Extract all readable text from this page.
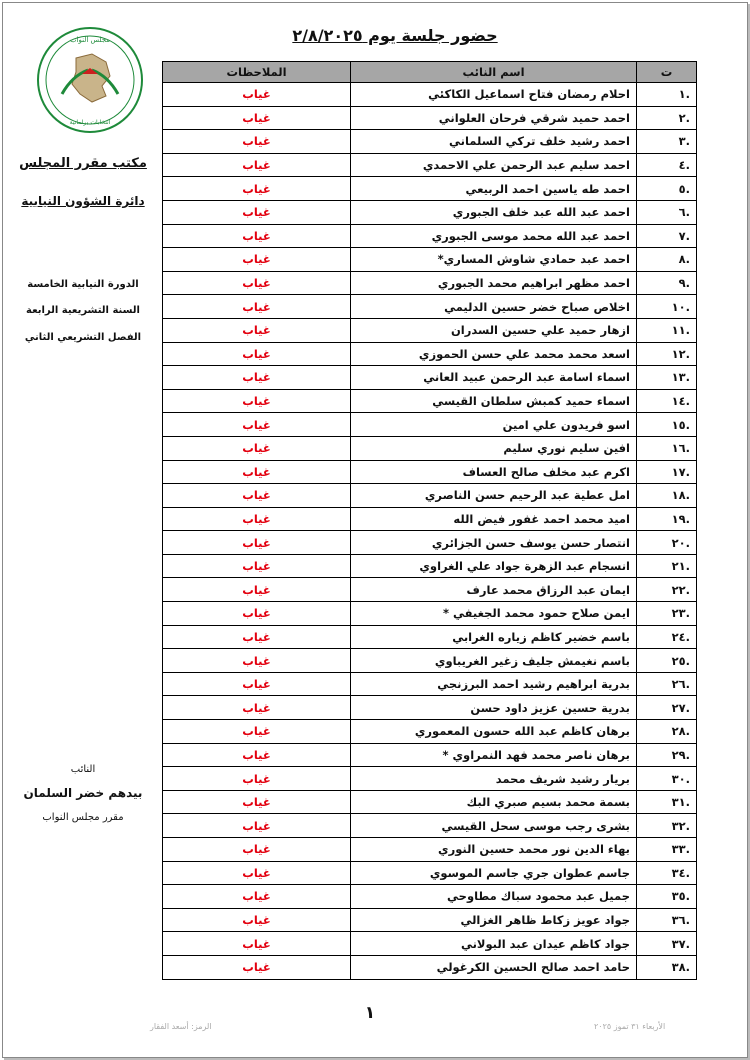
حضور جلسة يوم ٢/٨/٢٠٢٥
مجلس النواب
انتخابات برلمانية
مكتب مقرر المجلس
دائرة الشؤون النيابية
الدورة النيابية الخامسة
السنة التشريعية الرابعة
الفصل التشريعي الثاني
النائب
بيدهم خضر السلمان
مقرر مجلس النواب
ت	اسم النائب	الملاحظات
.١	احلام رمضان فتاح اسماعيل الكاكئي	غياب
.٢	احمد حميد شرقي فرحان العلواني	غياب
.٣	احمد رشيد خلف تركي السلماني	غياب
.٤	احمد سليم عبد الرحمن علي الاحمدي	غياب
.٥	احمد طه ياسين احمد الربيعي	غياب
.٦	احمد عبد الله عبد خلف الجبوري	غياب
.٧	احمد عبد الله محمد موسى الجبوري	غياب
.٨	احمد عبد حمادي شاوش المساري*	غياب
.٩	احمد مظهر ابراهيم محمد الجبوري	غياب
.١٠	اخلاص صباح خضر حسين الدليمي	غياب
.١١	ازهار حميد علي حسين السدران	غياب
.١٢	اسعد محمد محمد علي حسن الحموزي	غياب
.١٣	اسماء اسامة عبد الرحمن عبيد العاني	غياب
.١٤	اسماء حميد كمبش سلطان القيسي	غياب
.١٥	اسو فريدون علي امين	غياب
.١٦	افين سليم نوري سليم	غياب
.١٧	اكرم عبد مخلف صالح العساف	غياب
.١٨	امل عطية عبد الرحيم حسن الناصري	غياب
.١٩	اميد محمد احمد غفور فيض الله	غياب
.٢٠	انتصار حسن يوسف حسن الجزائري	غياب
.٢١	انسجام عبد الزهرة جواد علي الغراوي	غياب
.٢٢	ايمان عبد الرزاق محمد عارف	غياب
.٢٣	ايمن صلاح حمود محمد الجغيفي *	غياب
.٢٤	باسم خضير كاظم زياره الغرابي	غياب
.٢٥	باسم نغيمش جليف زغير الغريباوي	غياب
.٢٦	بدرية ابراهيم رشيد احمد البرزنجي	غياب
.٢٧	بدرية حسين عزيز داود حسن	غياب
.٢٨	برهان كاظم عبد الله حسون المعموري	غياب
.٢٩	برهان ناصر محمد فهد النمراوي *	غياب
.٣٠	بريار رشيد شريف محمد	غياب
.٣١	بسمة محمد بسيم صبري البك	غياب
.٣٢	بشرى رجب موسى سحل القيسي	غياب
.٣٣	بهاء الدين نور محمد حسين النوري	غياب
.٣٤	جاسم عطوان جري جاسم الموسوي	غياب
.٣٥	جميل عبد محمود سباك مطاوحي	غياب
.٣٦	جواد عويز زكاط ظاهر الغزالي	غياب
.٣٧	جواد كاظم عيدان عبد البولاني	غياب
.٣٨	حامد احمد صالح الحسين الكرغولي	غياب
١
الرمز: أسعد الفقار	الأربعاء ٣١ تموز ٢٠٢٥
